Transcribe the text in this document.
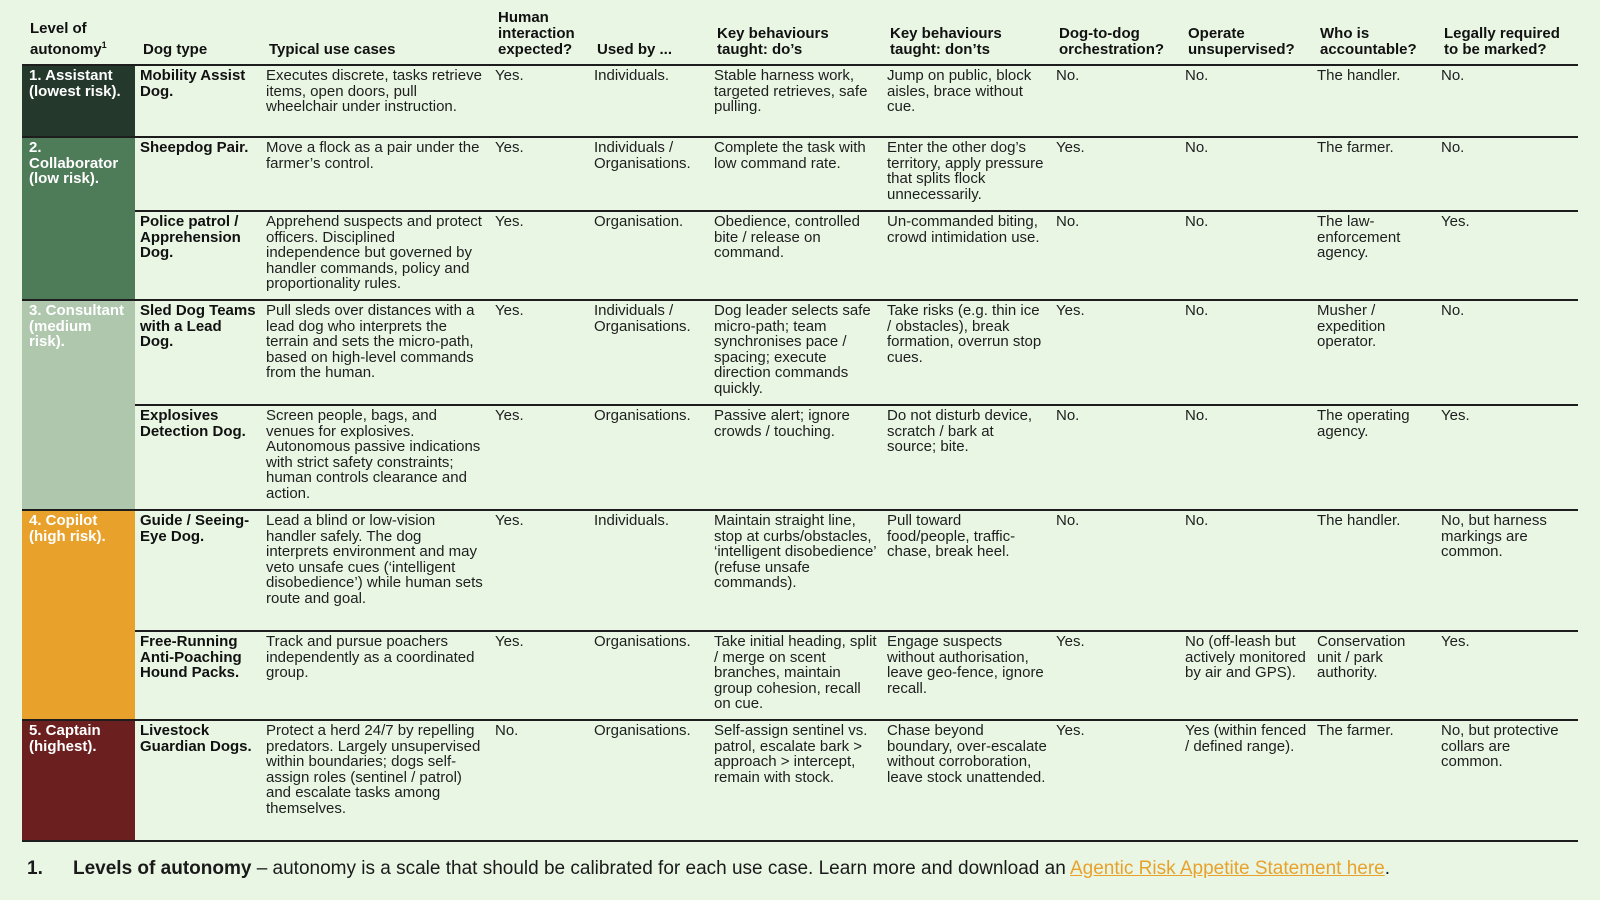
Level of autonomy$^1$	Dog type	Typical use cases	Human interaction expected?	Used by ...	Key behaviours taught: do’s	Key behaviours taught: don’ts	Dog-to-dog orchestration?	Operate unsupervised?	Who is accountable?	Legally required to be marked?
1. Assistant (lowest risk).	Mobility Assist Dog.	Executes discrete, tasks retrieve items, open doors, pull wheelchair under instruction.	Yes.	Individuals.	Stable harness work, targeted retrieves, safe pulling.	Jump on public, block aisles, brace without cue.	No.	No.	The handler.	No.
2. Collaborator (low risk).	Sheepdog Pair.	Move a flock as a pair under the farmer’s control.	Yes.	Individuals / Organisations.	Complete the task with low command rate.	Enter the other dog’s territory, apply pressure that splits flock unnecessarily.	Yes.	No.	The farmer.	No.
	Police patrol / Apprehension Dog.	Apprehend suspects and protect officers. Disciplined independence but governed by handler commands, policy and proportionality rules.	Yes.	Organisation.	Obedience, controlled bite / release on command.	Un-commanded biting, crowd intimidation use.	No.	No.	The law-enforcement agency.	Yes.
3. Consultant (medium risk).	Sled Dog Teams with a Lead Dog.	Pull sleds over distances with a lead dog who interprets the terrain and sets the micro-path, based on high-level commands from the human.	Yes.	Individuals / Organisations.	Dog leader selects safe micro-path; team synchronises pace / spacing; execute direction commands quickly.	Take risks (e.g. thin ice / obstacles), break formation, overrun stop cues.	Yes.	No.	Musher / expedition operator.	No.
	Explosives Detection Dog.	Screen people, bags, and venues for explosives. Autonomous passive indications with strict safety constraints; human controls clearance and action.	Yes.	Organisations.	Passive alert; ignore crowds / touching.	Do not disturb device, scratch / bark at source; bite.	No.	No.	The operating agency.	Yes.
4. Copilot (high risk).	Guide / Seeing-Eye Dog.	Lead a blind or low-vision handler safely. The dog interprets environment and may veto unsafe cues (‘intelligent disobedience’) while human sets route and goal.	Yes.	Individuals.	Maintain straight line, stop at curbs/obstacles, ‘intelligent disobedience’ (refuse unsafe commands).	Pull toward food/people, traffic-chase, break heel.	No.	No.	The handler.	No, but harness markings are common.
	Free-Running Anti-Poaching Hound Packs.	Track and pursue poachers independently as a coordinated group.	Yes.	Organisations.	Take initial heading, split / merge on scent branches, maintain group cohesion, recall on cue.	Engage suspects without authorisation, leave geo-fence, ignore recall.	Yes.	No (off-leash but actively monitored by air and GPS).	Conservation unit / park authority.	Yes.
5. Captain (highest).	Livestock Guardian Dogs.	Protect a herd 24/7 by repelling predators. Largely unsupervised within boundaries; dogs self-assign roles (sentinel / patrol) and escalate tasks among themselves.	No.	Organisations.	Self-assign sentinel vs. patrol, escalate bark > approach > intercept, remain with stock.	Chase beyond boundary, over-escalate without corroboration, leave stock unattended.	Yes.	Yes (within fenced / defined range).	The farmer.	No, but protective collars are common.
1. Levels of autonomy – autonomy is a scale that should be calibrated for each use case. Learn more and download an Agentic Risk Appetite Statement here.
